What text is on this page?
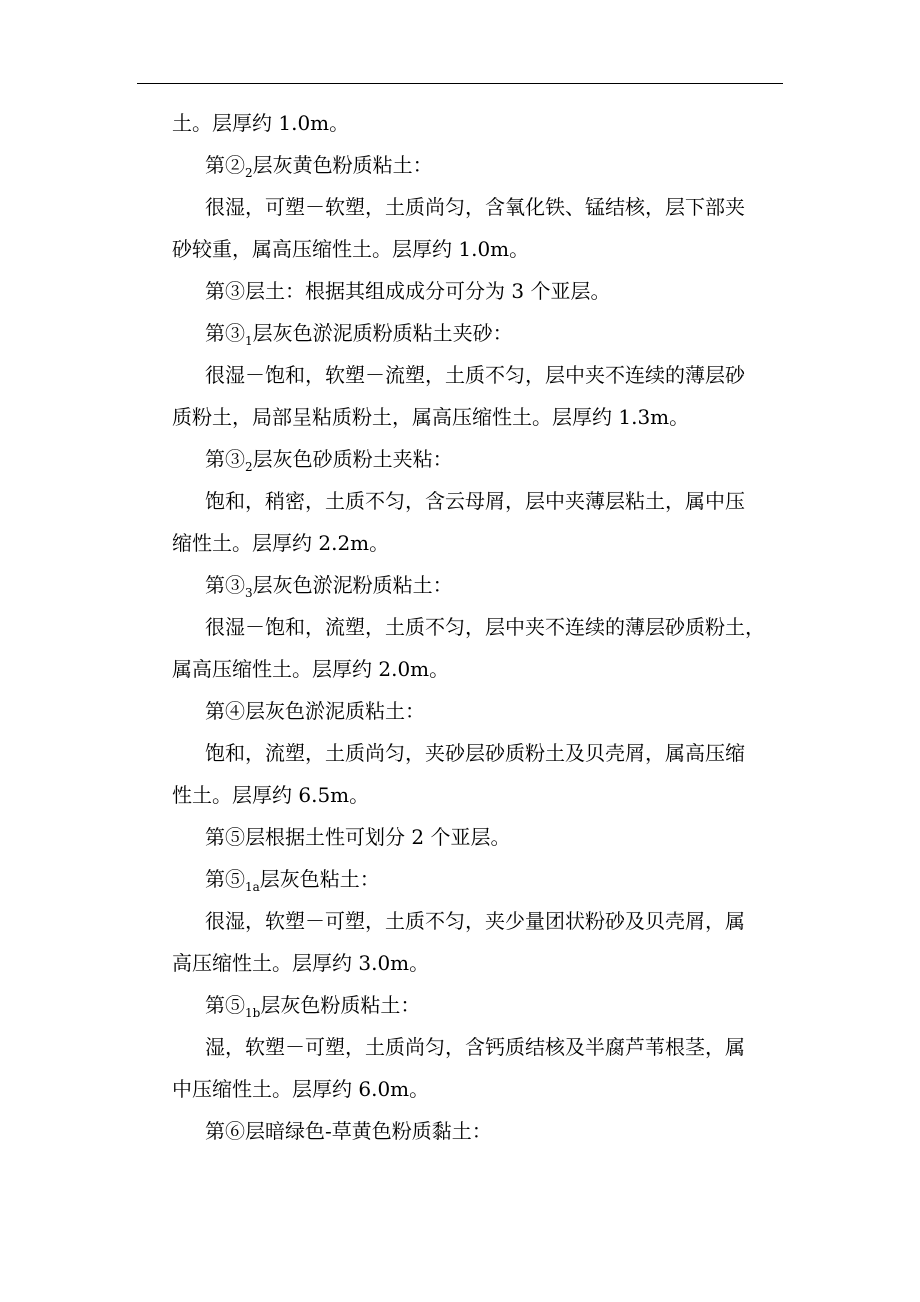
土。层厚约 1.0m。
第$②_2$层灰黄色粉质粘土：
很湿，可塑－软塑，土质尚匀，含氧化铁、锰结核，层下部夹
砂较重，属高压缩性土。层厚约 1.0m。
第③层土：根据其组成成分可分为 3 个亚层。
第$③_1$层灰色淤泥质粉质粘土夹砂：
很湿－饱和，软塑－流塑，土质不匀，层中夹不连续的薄层砂
质粉土，局部呈粘质粉土，属高压缩性土。层厚约 1.3m。
第$③_2$层灰色砂质粉土夹粘：
饱和，稍密，土质不匀，含云母屑，层中夹薄层粘土，属中压
缩性土。层厚约 2.2m。
第$③_3$层灰色淤泥粉质粘土：
很湿－饱和，流塑，土质不匀，层中夹不连续的薄层砂质粉土，
属高压缩性土。层厚约 2.0m。
第④层灰色淤泥质粘土：
饱和，流塑，土质尚匀，夹砂层砂质粉土及贝壳屑，属高压缩
性土。层厚约 6.5m。
第⑤层根据土性可划分 2 个亚层。
第$⑤_{1a}$层灰色粘土：
很湿，软塑－可塑，土质不匀，夹少量团状粉砂及贝壳屑，属
高压缩性土。层厚约 3.0m。
第$⑤_{1b}$层灰色粉质粘土：
湿，软塑－可塑，土质尚匀，含钙质结核及半腐芦苇根茎，属
中压缩性土。层厚约 6.0m。
第⑥层暗绿色-草黄色粉质黏土：
